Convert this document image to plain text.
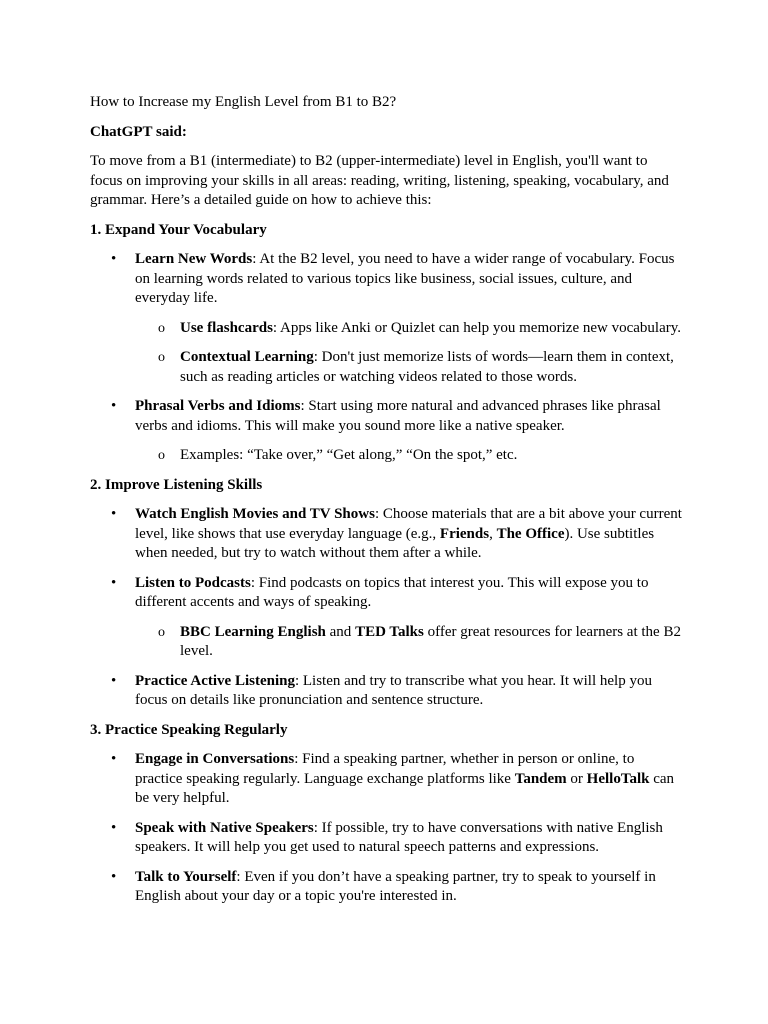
How to Increase my English Level from B1 to B2?

ChatGPT said:

To move from a B1 (intermediate) to B2 (upper-intermediate) level in English, you'll want to focus on improving your skills in all areas: reading, writing, listening, speaking, vocabulary, and grammar. Here’s a detailed guide on how to achieve this:

1. Expand Your Vocabulary

• Learn New Words: At the B2 level, you need to have a wider range of vocabulary. Focus on learning words related to various topics like business, social issues, culture, and everyday life.
o Use flashcards: Apps like Anki or Quizlet can help you memorize new vocabulary.
o Contextual Learning: Don't just memorize lists of words—learn them in context, such as reading articles or watching videos related to those words.
• Phrasal Verbs and Idioms: Start using more natural and advanced phrases like phrasal verbs and idioms. This will make you sound more like a native speaker.
o Examples: “Take over,” “Get along,” “On the spot,” etc.

2. Improve Listening Skills

• Watch English Movies and TV Shows: Choose materials that are a bit above your current level, like shows that use everyday language (e.g., Friends, The Office). Use subtitles when needed, but try to watch without them after a while.
• Listen to Podcasts: Find podcasts on topics that interest you. This will expose you to different accents and ways of speaking.
o BBC Learning English and TED Talks offer great resources for learners at the B2 level.
• Practice Active Listening: Listen and try to transcribe what you hear. It will help you focus on details like pronunciation and sentence structure.

3. Practice Speaking Regularly

• Engage in Conversations: Find a speaking partner, whether in person or online, to practice speaking regularly. Language exchange platforms like Tandem or HelloTalk can be very helpful.
• Speak with Native Speakers: If possible, try to have conversations with native English speakers. It will help you get used to natural speech patterns and expressions.
• Talk to Yourself: Even if you don’t have a speaking partner, try to speak to yourself in English about your day or a topic you're interested in.
